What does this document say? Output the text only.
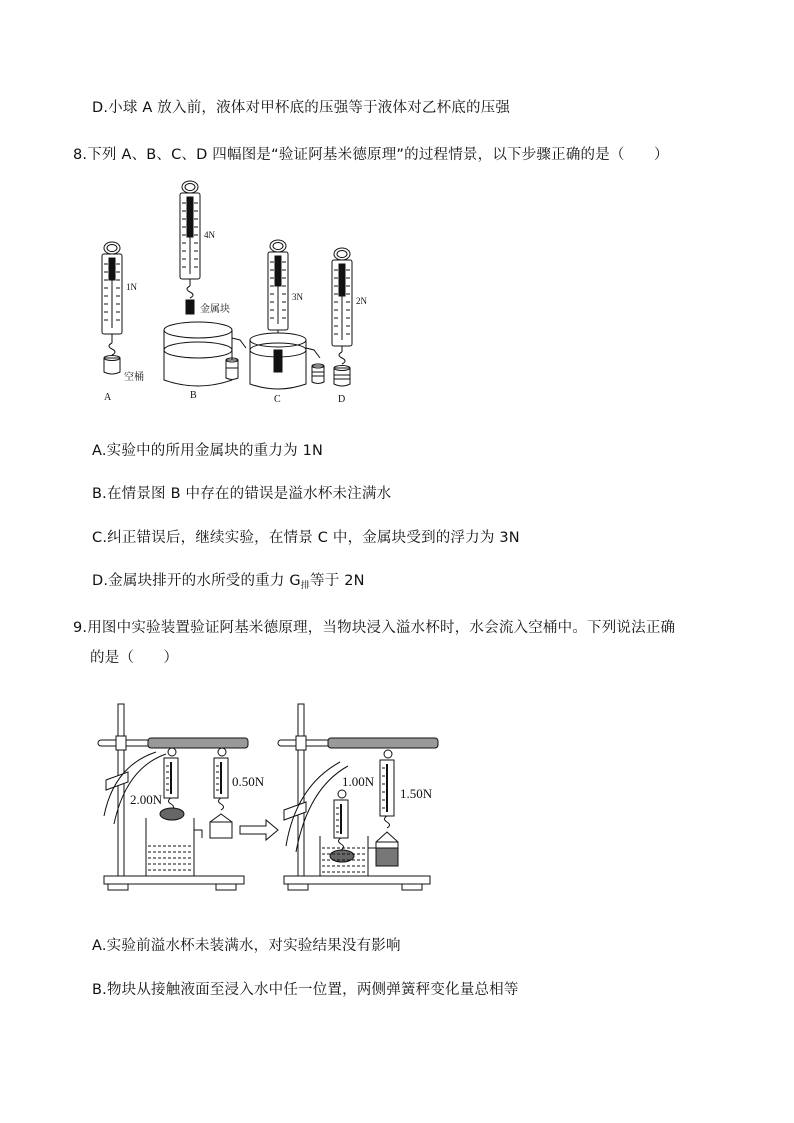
D.小球 A 放入前，液体对甲杯底的压强等于液体对乙杯底的压强
8.下列 A、B、C、D 四幅图是“验证阿基米德原理”的过程情景，以下步骤正确的是（　　）
1N
4N
3N	2N
空桶
金属块
A	B	C	D
A.实验中的所用金属块的重力为 1N
B.在情景图 B 中存在的错误是溢水杯未注满水
C.纠正错误后，继续实验，在情景 C 中，金属块受到的浮力为 3N
D.金属块排开的水所受的重力 $G_排$等于 2N
9.用图中实验装置验证阿基米德原理，当物块浸入溢水杯时，水会流入空桶中。下列说法正确
的是（　　）
2.00N
0.50N	1.00N
1.50N
A.实验前溢水杯未装满水，对实验结果没有影响
B.物块从接触液面至浸入水中任一位置，两侧弹簧秤变化量总相等
